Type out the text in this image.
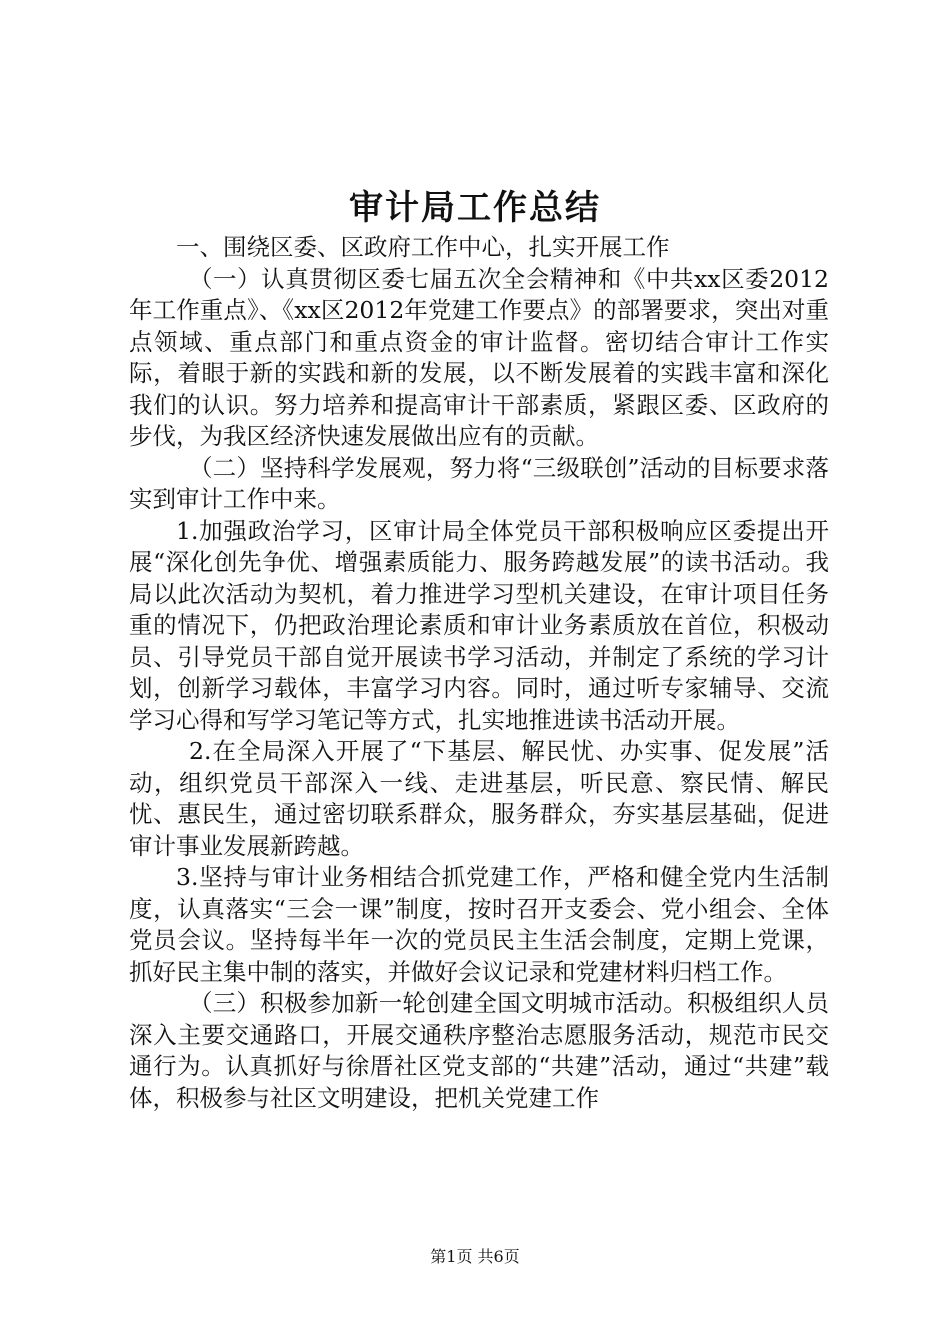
审计局工作总结

一、围绕区委、区政府工作中心，扎实开展工作

（一）认真贯彻区委七届五次全会精神和《中共xx区委2012年工作重点》、《xx区2012年党建工作要点》的部署要求，突出对重点领域、重点部门和重点资金的审计监督。密切结合审计工作实际，着眼于新的实践和新的发展，以不断发展着的实践丰富和深化我们的认识。努力培养和提高审计干部素质，紧跟区委、区政府的步伐，为我区经济快速发展做出应有的贡献。

（二）坚持科学发展观，努力将“三级联创”活动的目标要求落实到审计工作中来。

1.加强政治学习，区审计局全体党员干部积极响应区委提出开展“深化创先争优、增强素质能力、服务跨越发展”的读书活动。我局以此次活动为契机，着力推进学习型机关建设，在审计项目任务重的情况下，仍把政治理论素质和审计业务素质放在首位，积极动员、引导党员干部自觉开展读书学习活动，并制定了系统的学习计划，创新学习载体，丰富学习内容。同时，通过听专家辅导、交流学习心得和写学习笔记等方式，扎实地推进读书活动开展。

2.在全局深入开展了“下基层、解民忧、办实事、促发展”活动，组织党员干部深入一线、走进基层，听民意、察民情、解民忧、惠民生，通过密切联系群众，服务群众，夯实基层基础，促进审计事业发展新跨越。

3.坚持与审计业务相结合抓党建工作，严格和健全党内生活制度，认真落实“三会一课”制度，按时召开支委会、党小组会、全体党员会议。坚持每半年一次的党员民主生活会制度，定期上党课，抓好民主集中制的落实，并做好会议记录和党建材料归档工作。

（三）积极参加新一轮创建全国文明城市活动。积极组织人员深入主要交通路口，开展交通秩序整治志愿服务活动，规范市民交通行为。认真抓好与徐厝社区党支部的“共建”活动，通过“共建”载体，积极参与社区文明建设，把机关党建工作

第1页 共6页
